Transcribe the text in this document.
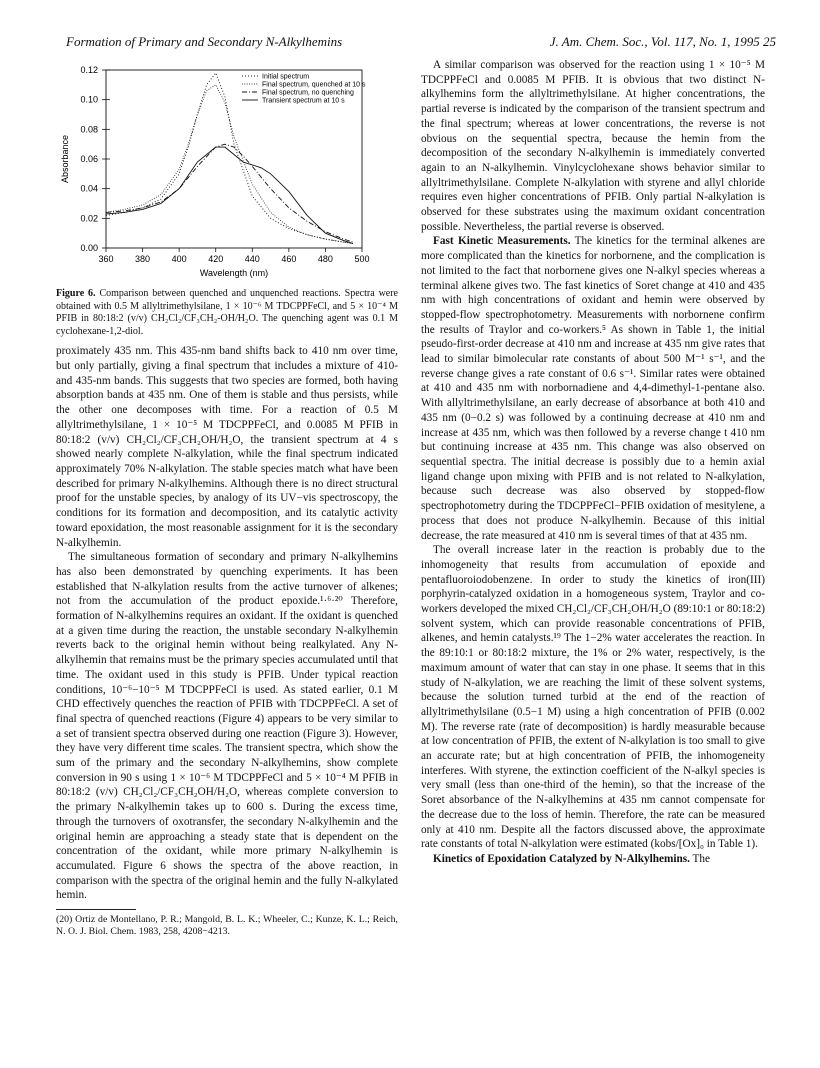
Formation of Primary and Secondary N-Alkylhemins	J. Am. Chem. Soc., Vol. 117, No. 1, 1995 25
360 380 400 420 440 460 480 500
0.00
0.02
0.04
0.06
0.08
0.10
0.12
Wavelength (nm)
Absorbance
Initial spectrum
Final spectrum, quenched at 10 s
Final spectrum, no quenching
Transient spectrum at 10 s
Figure 6. Comparison between quenched and unquenched reactions. Spectra were obtained with 0.5 M allyltrimethylsilane, 1 × 10⁻⁶ M TDCPPFeCl, and 5 × 10⁻⁴ M PFIB in 80:18:2 (v/v) CH₂Cl₂/CF₃CH₂-OH/H₂O. The quenching agent was 0.1 M cyclohexane-1,2-diol.

proximately 435 nm. This 435-nm band shifts back to 410 nm over time, but only partially, giving a final spectrum that includes a mixture of 410- and 435-nm bands. This suggests that two species are formed, both having absorption bands at 435 nm. One of them is stable and thus persists, while the other one decomposes with time. For a reaction of 0.5 M allyltrimethylsilane, 1 × 10⁻⁵ M TDCPPFeCl, and 0.0085 M PFIB in 80:18:2 (v/v) CH₂Cl₂/CF₃CH₂OH/H₂O, the transient spectrum at 4 s showed nearly complete N-alkylation, while the final spectrum indicated approximately 70% N-alkylation. The stable species match what have been described for primary N-alkylhemins. Although there is no direct structural proof for the unstable species, by analogy of its UV−vis spectroscopy, the conditions for its formation and decomposition, and its catalytic activity toward epoxidation, the most reasonable assignment for it is the secondary N-alkylhemin.

The simultaneous formation of secondary and primary N-alkylhemins has also been demonstrated by quenching experiments. It has been established that N-alkylation results from the active turnover of alkenes; not from the accumulation of the product epoxide.¹·⁶·²⁰ Therefore, formation of N-alkylhemins requires an oxidant. If the oxidant is quenched at a given time during the reaction, the unstable secondary N-alkylhemin reverts back to the original hemin without being realkylated. Any N-alkylhemin that remains must be the primary species accumulated until that time. The oxidant used in this study is PFIB. Under typical reaction conditions, 10⁻⁶−10⁻⁵ M TDCPPFeCl is used. As stated earlier, 0.1 M CHD effectively quenches the reaction of PFIB with TDCPPFeCl. A set of final spectra of quenched reactions (Figure 4) appears to be very similar to a set of transient spectra observed during one reaction (Figure 3). However, they have very different time scales. The transient spectra, which show the sum of the primary and the secondary N-alkylhemins, show complete conversion in 90 s using 1 × 10⁻⁶ M TDCPPFeCl and 5 × 10⁻⁴ M PFIB in 80:18:2 (v/v) CH₂Cl₂/CF₃CH₂OH/H₂O, whereas complete conversion to the primary N-alkylhemin takes up to 600 s. During the excess time, through the turnovers of oxotransfer, the secondary N-alkylhemin and the original hemin are approaching a steady state that is dependent on the concentration of the oxidant, while more primary N-alkylhemin is accumulated. Figure 6 shows the spectra of the above reaction, in comparison with the spectra of the original hemin and the fully N-alkylated hemin.

(20) Ortiz de Montellano, P. R.; Mangold, B. L. K.; Wheeler, C.; Kunze, K. L.; Reich, N. O. J. Biol. Chem. 1983, 258, 4208−4213.

A similar comparison was observed for the reaction using 1 × 10⁻⁵ M TDCPPFeCl and 0.0085 M PFIB. It is obvious that two distinct N-alkylhemins form the allyltrimethylsilane. At higher concentrations, the partial reverse is indicated by the comparison of the transient spectrum and the final spectrum; whereas at lower concentrations, the reverse is not obvious on the sequential spectra, because the hemin from the decomposition of the secondary N-alkylhemin is immediately converted again to an N-alkylhemin. Vinylcyclohexane shows behavior similar to allyltrimethylsilane. Complete N-alkylation with styrene and allyl chloride requires even higher concentrations of PFIB. Only partial N-alkylation is observed for these substrates using the maximum oxidant concentration possible. Nevertheless, the partial reverse is observed.

Fast Kinetic Measurements. The kinetics for the terminal alkenes are more complicated than the kinetics for norbornene, and the complication is not limited to the fact that norbornene gives one N-alkyl species whereas a terminal alkene gives two. The fast kinetics of Soret change at 410 and 435 nm with high concentrations of oxidant and hemin were observed by stopped-flow spectrophotometry. Measurements with norbornene confirm the results of Traylor and co-workers.⁵ As shown in Table 1, the initial pseudo-first-order decrease at 410 nm and increase at 435 nm give rates that lead to similar bimolecular rate constants of about 500 M⁻¹ s⁻¹, and the reverse change gives a rate constant of 0.6 s⁻¹. Similar rates were obtained at 410 and 435 nm with norbornadiene and 4,4-dimethyl-1-pentane also. With allyltrimethylsilane, an early decrease of absorbance at both 410 and 435 nm (0−0.2 s) was followed by a continuing decrease at 410 nm and increase at 435 nm, which was then followed by a reverse change t 410 nm but continuing increase at 435 nm. This change was also observed on sequential spectra. The initial decrease is possibly due to a hemin axial ligand change upon mixing with PFIB and is not related to N-alkylation, because such decrease was also observed by stopped-flow spectrophotometry during the TDCPPFeCl−PFIB oxidation of mesitylene, a process that does not produce N-alkylhemin. Because of this initial decrease, the rate measured at 410 nm is several times of that at 435 nm.

The overall increase later in the reaction is probably due to the inhomogeneity that results from accumulation of epoxide and pentafluoroiodobenzene. In order to study the kinetics of iron(III) porphyrin-catalyzed oxidation in a homogeneous system, Traylor and co-workers developed the mixed CH₂Cl₂/CF₃CH₂OH/H₂O (89:10:1 or 80:18:2) solvent system, which can provide reasonable concentrations of PFIB, alkenes, and hemin catalysts.¹⁹ The 1−2% water accelerates the reaction. In the 89:10:1 or 80:18:2 mixture, the 1% or 2% water, respectively, is the maximum amount of water that can stay in one phase. It seems that in this study of N-alkylation, we are reaching the limit of these solvent systems, because the solution turned turbid at the end of the reaction of allyltrimethylsilane (0.5−1 M) using a high concentration of PFIB (0.002 M). The reverse rate (rate of decomposition) is hardly measurable because at low concentration of PFIB, the extent of N-alkylation is too small to give an accurate rate; but at high concentration of PFIB, the inhomogeneity interferes. With styrene, the extinction coefficient of the N-alkyl species is very small (less than one-third of the hemin), so that the increase of the Soret absorbance of the N-alkylhemins at 435 nm cannot compensate for the decrease due to the loss of hemin. Therefore, the rate can be measured only at 410 nm. Despite all the factors discussed above, the approximate rate constants of total N-alkylation were estimated (kobs/[Ox]₀ in Table 1).

Kinetics of Epoxidation Catalyzed by N-Alkylhemins. The
